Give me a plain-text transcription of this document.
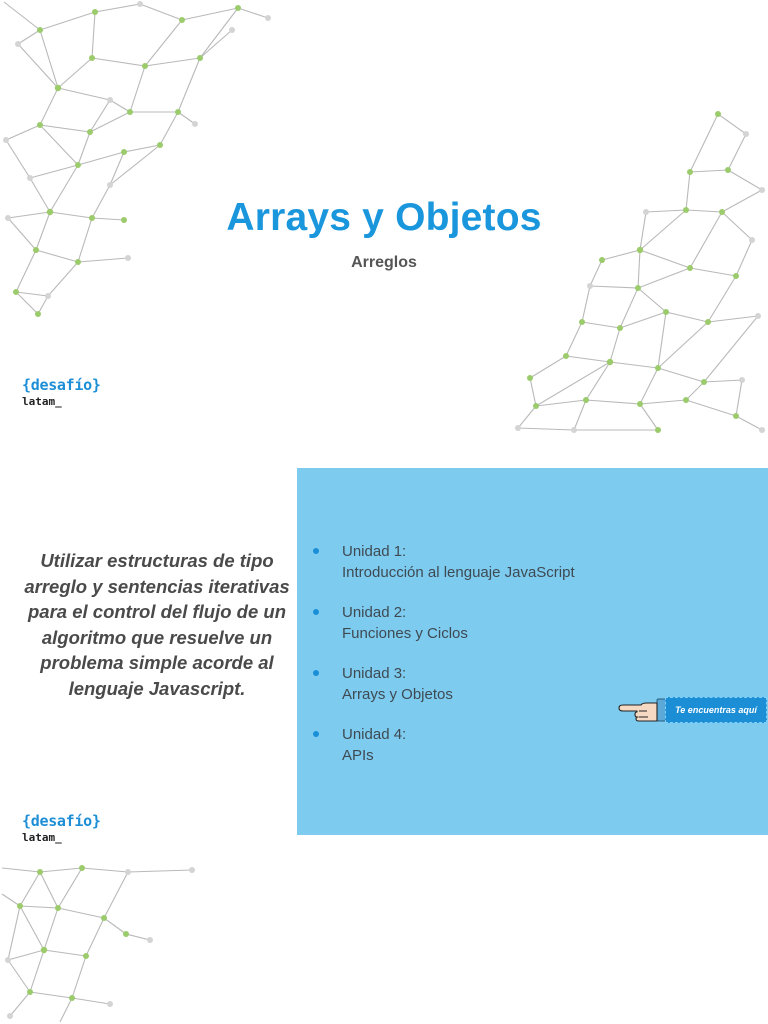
Arrays y Objetos
Arreglos
{desafío}
latam_
Utilizar estructuras de tipo arreglo y sentencias iterativas para el control del flujo de un algoritmo que resuelve un problema simple acorde al lenguaje Javascript.
Unidad 1:
Introducción al lenguaje JavaScript
Unidad 2:
Funciones y Ciclos
Unidad 3:
Arrays y Objetos
Unidad 4:
APIs
Te encuentras aquí
{desafío}
latam_
